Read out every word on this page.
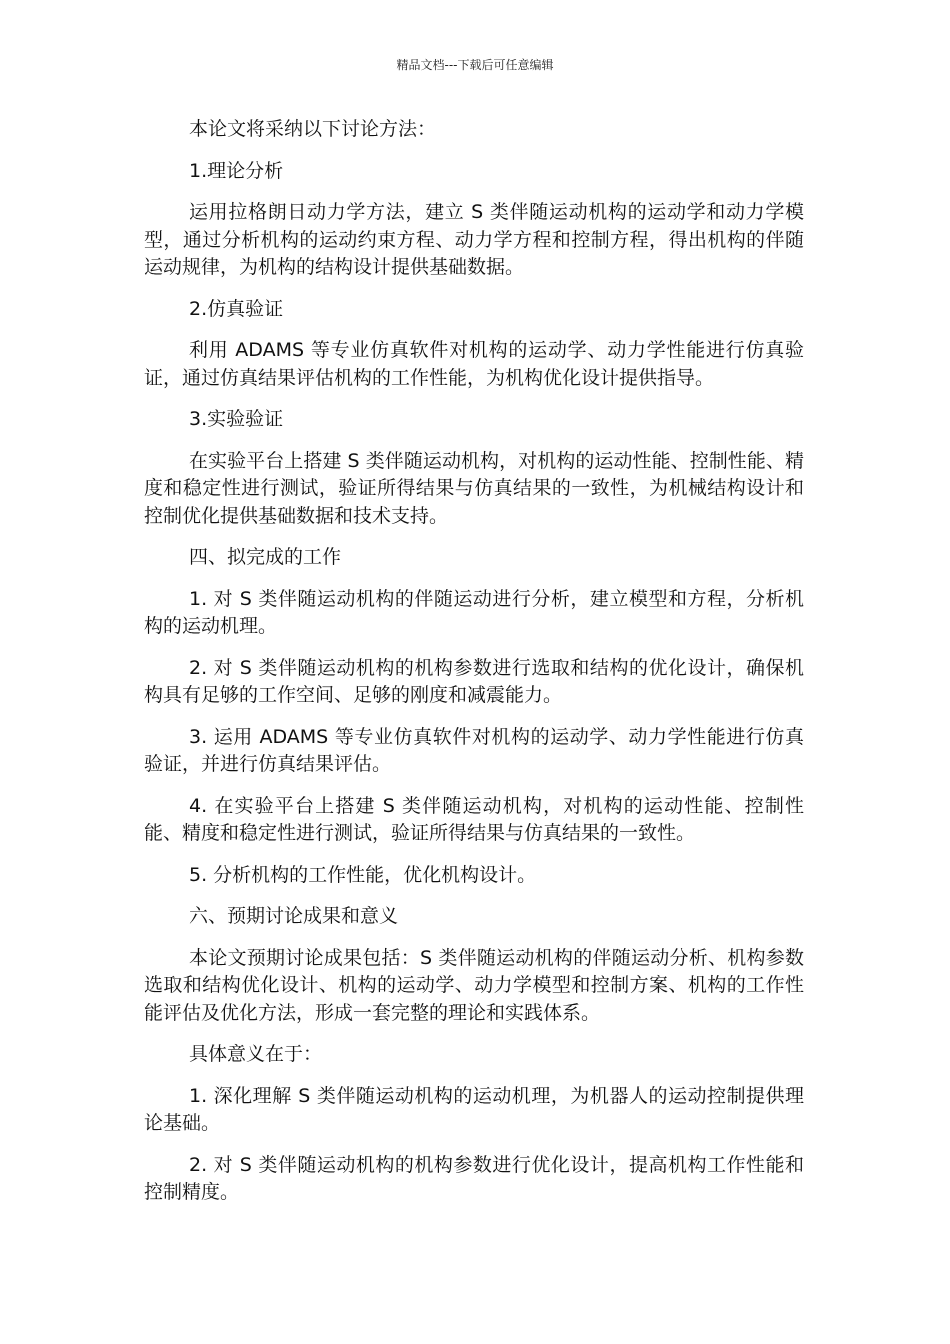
精品文档---下载后可任意编辑

本论文将采纳以下讨论方法：

1.理论分析

运用拉格朗日动力学方法，建立 S 类伴随运动机构的运动学和动力学模型，通过分析机构的运动约束方程、动力学方程和控制方程，得出机构的伴随运动规律，为机构的结构设计提供基础数据。

2.仿真验证

利用 ADAMS 等专业仿真软件对机构的运动学、动力学性能进行仿真验证，通过仿真结果评估机构的工作性能，为机构优化设计提供指导。

3.实验验证

在实验平台上搭建 S 类伴随运动机构，对机构的运动性能、控制性能、精度和稳定性进行测试，验证所得结果与仿真结果的一致性，为机械结构设计和控制优化提供基础数据和技术支持。

四、拟完成的工作

1. 对 S 类伴随运动机构的伴随运动进行分析，建立模型和方程，分析机构的运动机理。

2. 对 S 类伴随运动机构的机构参数进行选取和结构的优化设计，确保机构具有足够的工作空间、足够的刚度和减震能力。

3. 运用 ADAMS 等专业仿真软件对机构的运动学、动力学性能进行仿真验证，并进行仿真结果评估。

4. 在实验平台上搭建 S 类伴随运动机构，对机构的运动性能、控制性能、精度和稳定性进行测试，验证所得结果与仿真结果的一致性。

5. 分析机构的工作性能，优化机构设计。

六、预期讨论成果和意义

本论文预期讨论成果包括：S 类伴随运动机构的伴随运动分析、机构参数选取和结构优化设计、机构的运动学、动力学模型和控制方案、机构的工作性能评估及优化方法，形成一套完整的理论和实践体系。

具体意义在于：

1. 深化理解 S 类伴随运动机构的运动机理，为机器人的运动控制提供理论基础。

2. 对 S 类伴随运动机构的机构参数进行优化设计，提高机构工作性能和控制精度。
